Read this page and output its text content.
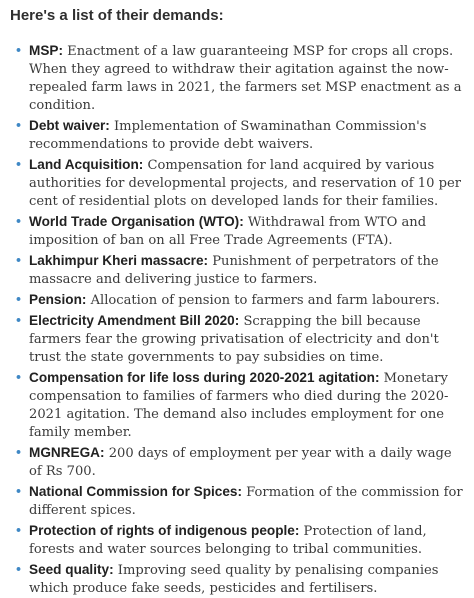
Here's a list of their demands:
• MSP: Enactment of a law guaranteeing MSP for crops all crops. When they agreed to withdraw their agitation against the now-repealed farm laws in 2021, the farmers set MSP enactment as a condition.
• Debt waiver: Implementation of Swaminathan Commission's recommendations to provide debt waivers.
• Land Acquisition: Compensation for land acquired by various authorities for developmental projects, and reservation of 10 per cent of residential plots on developed lands for their families.
• World Trade Organisation (WTO): Withdrawal from WTO and imposition of ban on all Free Trade Agreements (FTA).
• Lakhimpur Kheri massacre: Punishment of perpetrators of the massacre and delivering justice to farmers.
• Pension: Allocation of pension to farmers and farm labourers.
• Electricity Amendment Bill 2020: Scrapping the bill because farmers fear the growing privatisation of electricity and don't trust the state governments to pay subsidies on time.
• Compensation for life loss during 2020-2021 agitation: Monetary compensation to families of farmers who died during the 2020-2021 agitation. The demand also includes employment for one family member.
• MGNREGA: 200 days of employment per year with a daily wage of Rs 700.
• National Commission for Spices: Formation of the commission for different spices.
• Protection of rights of indigenous people: Protection of land, forests and water sources belonging to tribal communities.
• Seed quality: Improving seed quality by penalising companies which produce fake seeds, pesticides and fertilisers.
